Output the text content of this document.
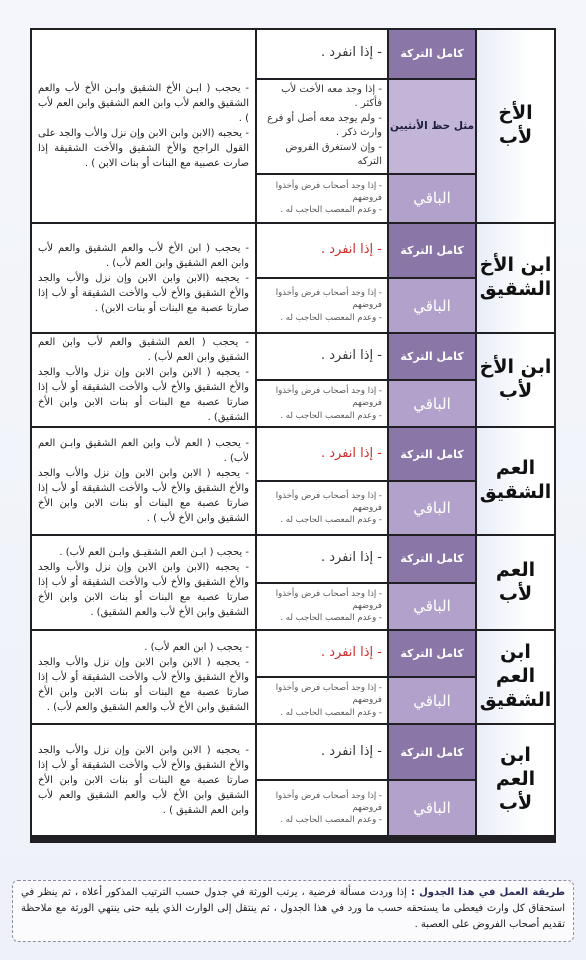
الأخ لأب
كامل التركة
- إذا انفرد .
مثل حظ الأنثيين
- إذا وجد معه الأخت لأب فأكثر .
- ولم يوجد معه أصل أو فرع وارث ذكر .
- وإن لاستغرق الفروض التركه
الباقي
- إذا وجد أصحاب فرض وأخذوا فروضهم
- وعدم المعصب الحاجب له .

- يحجب ( ابـن الأخ الشقيق وابـن الأخ لأب والعم الشقيق والعم لأب وابن العم الشقيق وابن العم لأب ) .

- يحجبه (الابن وابن الابن وإن نزل والأب والجد على القول الراجح والأخ الشقيق والأخت الشقيقة إذا صارت عصبية مع البنات أو بنات الابن ) .

ابن الأخ الشقيق
كامل التركة
- إذا انفرد .
الباقي
- إذا وجد أصحاب فرض وأخذوا فروضهم
- وعدم المعصب الحاجب له .

- يحجب ( ابن الأخ لأب والعم الشقيق والعم لأب وابن العم الشقيق وابن العم لأب) .

- يحجبه (الابن وابن الابن وإن نزل والأب والجد والأخ الشقيق والأخ لأب والأخت الشقيقة أو لأب إذا صارتا عصبة مع البنات أو بنات الابن) .

ابن الأخ لأب
كامل التركة
- إذا انفرد .
الباقي
- إذا وجد أصحاب فرض وأخذوا فروضهم
- وعدم المعصب الحاجب له .

- يحجب ( العم الشقيق والعم لأب وابن العم الشقيق وابن العم لأب) .

- يحجبه ( الابن وابن الابن وإن نزل والأب والجد والأخ الشقيق والأخ لأب والأخت الشقيقة أو لأب إذا صارتا عصبة مع البنات أو بنات الابن وابن الأخ الشقيق) .

العم الشقيق
كامل التركة
- إذا انفرد .
الباقي
- إذا وجد أصحاب فرض وأخذوا فروضهم
- وعدم المعصب الحاجب له .

- يحجب ( العم لأب وابن العم الشقيق وابـن العم لأب) .

- يحجبه ( الابن وابن الابن وإن نزل والأب والجد والأخ الشقيق والأخ لأب والأخت الشقيقة أو لأب إذا صارتا عصبة مع البنات أو بنات الابن وابن الأخ الشقيق وابن الأخ لأب ) .

العم لأب
كامل التركة
- إذا انفرد .
الباقي
- إذا وجد أصحاب فرض وأخذوا فروضهم
- وعدم المعصب الحاجب له .

- يحجب ( ابـن العم الشقيـق وابـن العم لأب) .

- يحجبه (الابن وابن الابن وإن نزل والأب والجد والأخ الشقيق والأخ لأب والأخت الشقيقة أو لأب إذا صارتا عصبة مع البنات أو بنات الابن وابن الأخ الشقيق وابن الأخ لأب والعم الشقيق) .

ابن العم الشقيق
كامل التركة
- إذا انفرد .
الباقي
- إذا وجد أصحاب فرض وأخذوا فروضهم
- وعدم المعصب الحاجب له .

- يحجب ( ابن العم لأب) .

- يحجبه ( الابن وابن الابن وإن نزل والأب والجد والأخ الشقيق والأخ لأب والأخت الشقيقة أو لأب إذا صارتا عصبة مع البنات أو بنات الابن وابن الأخ الشقيق وابن الأخ لأب والعم الشقيق والعم لأب) .

ابن العم لأب
كامل التركة
- إذا انفرد .
الباقي
- إذا وجد أصحاب فرض وأخذوا فروضهم
- وعدم المعصب الحاجب له .

- يحجبه ( الابن وابن الابن وإن نزل والأب والجد والأخ الشقيق والأخ لأب والأخت الشقيقة أو لأب إذا صارتا عصبة مع البنات أو بنات الابن وابن الأخ الشقيق وابن الأخ لأب والعم الشقيق والعم لأب وابن العم الشقيق ) .

طريقة العمل في هذا الجدول : إذا وردت مسألة فرضية ، يرتب الورثة في جدول حسب الترتيب المذكور أعلاه ، ثم ينظر في استحقاق كل وارث فيعطى ما يستحقه حسب ما ورد في هذا الجدول ، ثم ينتقل إلى الوارث الذي يليه حتى ينتهي الورثة مع ملاحظة تقديم أصحاب الفروض على العصبة .
